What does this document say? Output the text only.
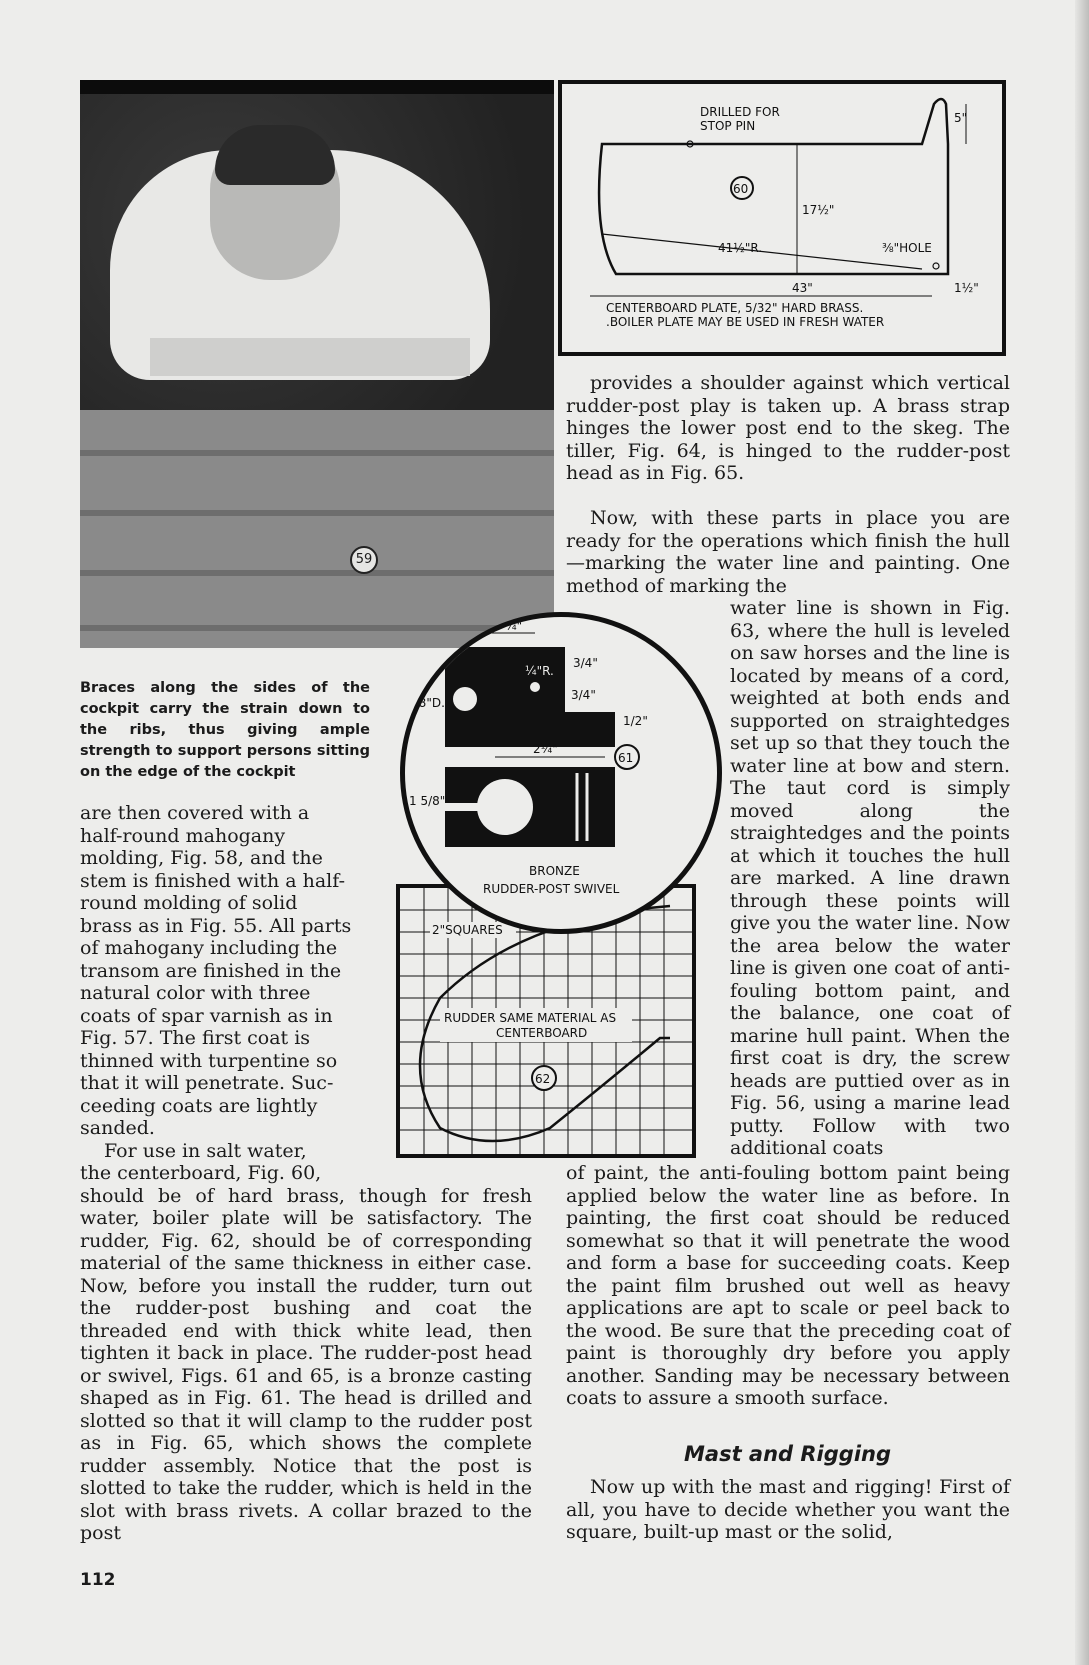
59
DRILLED FOR
STOP PIN
60
5"
17½"
41½"R.	⅜"HOLE
43"	1½"
CENTERBOARD PLATE, 5/32" HARD BRASS.
.BOILER PLATE MAY BE USED IN FRESH WATER
2"SQUARES
RUDDER SAME MATERIAL AS
CENTERBOARD
62
¼"
¼"R.
3/4"
3/4"
2"
9/8"D.
1/2"
2¼"
1 5/8"
61
BRONZE
RUDDER-POST SWIVEL

Braces along the sides of the cockpit carry the strain down to the ribs, thus giving ample strength to support persons sitting on the edge of the cockpit

are then covered with a

half-round mahogany

molding, Fig. 58, and the

stem is finished with a half-

round molding of solid

brass as in Fig. 55. All parts

of mahogany including the

transom are finished in the

natural color with three

coats of spar varnish as in

Fig. 57. The first coat is

thinned with turpentine so

that it will penetrate. Suc-

ceeding coats are lightly

sanded.

For use in salt water,

the centerboard, Fig. 60,

should be of hard brass, though for fresh water, boiler plate will be satisfactory. The rudder, Fig. 62, should be of corresponding material of the same thickness in either case. Now, before you install the rudder, turn out the rudder-post bushing and coat the threaded end with thick white lead, then tighten it back in place. The rudder-post head or swivel, Figs. 61 and 65, is a bronze casting shaped as in Fig. 61. The head is drilled and slotted so that it will clamp to the rudder post as in Fig. 65, which shows the complete rudder assembly. Notice that the post is slotted to take the rudder, which is held in the slot with brass rivets. A collar brazed to the post

provides a shoulder against which vertical rudder-post play is taken up. A brass strap hinges the lower post end to the skeg. The tiller, Fig. 64, is hinged to the rudder-post head as in Fig. 65.

Now, with these parts in place you are ready for the operations which finish the hull—marking the water line and painting. One method of marking the

water line is shown in Fig. 63, where the hull is leveled on saw horses and the line is located by means of a cord, weighted at both ends and supported on straightedges set up so that they touch the water line at bow and stern. The taut cord is simply moved along the straightedges and the points at which it touches the hull are marked. A line drawn through these points will give you the water line. Now the area below the water line is given one coat of anti-fouling bottom paint, and the balance, one coat of marine hull paint. When the first coat is dry, the screw heads are puttied over as in Fig. 56, using a marine lead putty. Follow with two additional coats

of paint, the anti-fouling bottom paint being applied below the water line as before. In painting, the first coat should be reduced somewhat so that it will penetrate the wood and form a base for succeeding coats. Keep the paint film brushed out well as heavy applications are apt to scale or peel back to the wood. Be sure that the preceding coat of paint is thoroughly dry before you apply another. Sanding may be necessary between coats to assure a smooth surface.

Mast and Rigging

Now up with the mast and rigging! First of all, you have to decide whether you want the square, built-up mast or the solid,

112
